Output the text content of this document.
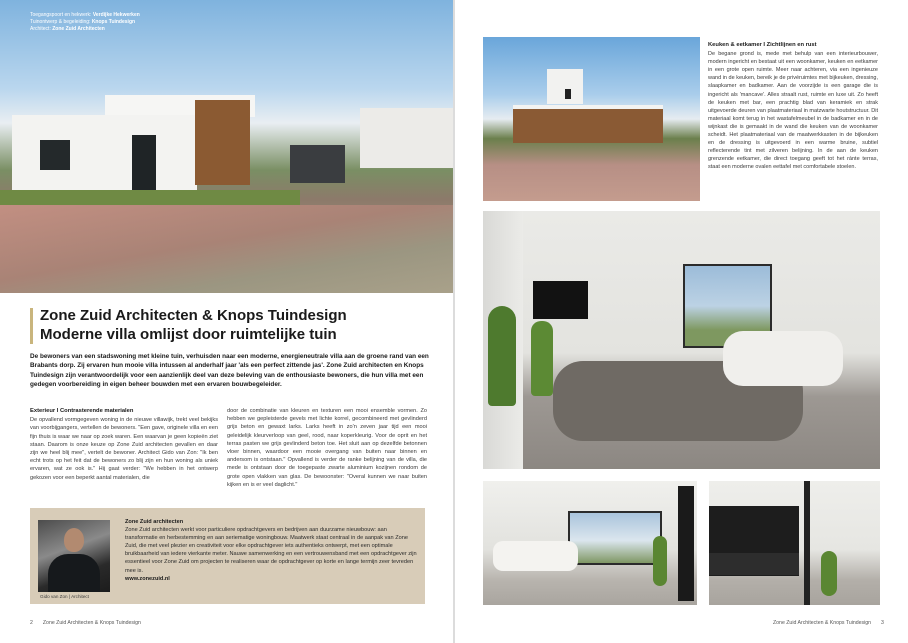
Toegangspoort en hekwerk: Verdijke Hekwerken
Tuinontwerp & begeleiding: Knops Tuindesign
Architect: Zone Zuid Architecten
Zone Zuid Architecten & Knops Tuindesign
Moderne villa omlijst door ruimtelijke tuin
De bewoners van een stadswoning met kleine tuin, verhuisden naar een moderne, energieneutrale villa aan de groene rand van een Brabants dorp. Zij ervaren hun mooie villa intussen al anderhalf jaar 'als een perfect zittende jas'. Zone Zuid architecten en Knops Tuindesign zijn verantwoordelijk voor een aanzienlijk deel van deze beleving van de enthousiaste bewoners, die hun villa met een gedegen voorbereiding in eigen beheer bouwden met een ervaren bouwbegeleider.
Exterieur I Contrasterende materialen

De opvallend vormgegeven woning in de nieuwe villawijk, trekt veel bekijks van voorbijgangers, vertellen de bewoners. "Een gave, originele villa en een fijn thuis is waar we naar op zoek waren. Een waarvan je geen kopieën ziet staan. Daarom is onze keuze op Zone Zuid architecten gevallen en daar zijn we heel blij mee", vertelt de bewoner. Architect Gido van Zon: "Ik ben echt trots op het feit dat de bewoners zo blij zijn en hun woning als uniek ervaren, wat ze ook is." Hij gaat verder: "We hebben in het ontwerp gekozen voor een beperkt aantal materialen, die

door de combinatie van kleuren en texturen een mooi ensemble vormen. Zo hebben we gepleisterde gevels met lichte korrel, gecombineerd met gevlinderd grijs beton en gewaxt larks. Larks heeft in zo'n zeven jaar tijd een mooi geleidelijk kleurverloop van geel, rood, naar koperkleurig. Voor de oprit en het terras pasten we grijs gevlinderd beton toe. Het sluit aan op dezelfde betonnen vloer binnen, waardoor een mooie overgang van buiten naar binnen en andersom is ontstaan." Opvallend is verder de ranke belijning van de villa, die mede is ontstaan door de toegepaste zwarte aluminium kozijnen rondom de grote open vlakken van glas. De bewoonster: "Overal kunnen we naar buiten kijken en is er veel daglicht."

Gido van Zon | Architect
Zone Zuid architecten
Zone Zuid architecten werkt voor particuliere opdrachtgevers en bedrijven aan duurzame nieuwbouw: aan transformatie en herbestemming en aan seriematige woningbouw. Maatwerk staat centraal in de aanpak van Zone Zuid, die met veel plezier en creativiteit voor elke opdrachtgever iets authentieks ontwerpt, met een optimale bruikbaarheid van iedere vierkante meter. Nauwe samenwerking en een vertrouwensband met een opdrachtgever zijn essentieel voor Zone Zuid om projecten te realiseren waar de opdrachtgever op korte en lange termijn zeer tevreden mee is.
www.zonezuid.nl
2 Zone Zuid Architecten & Knops Tuindesign
Keuken & eetkamer I Zichtlijnen en rust

De begane grond is, mede met behulp van een interieurbouwer, modern ingericht en bestaat uit een woonkamer, keuken en eetkamer in een grote open ruimte. Meer naar achteren, via een ingenieuze wand in de keuken, bereik je de privéruimtes met bijkeuken, dressing, slaapkamer en badkamer. Aan de voorzijde is een garage die is ingericht als 'mancave'. Alles straalt rust, ruimte en luxe uit. Zo heeft de keuken met bar, een prachtig blad van keramiek en strak uitgevoerde deuren van plaatmateriaal in matzwarte houtstructuur. Dit materiaal komt terug in het wastafelmeubel in de badkamer en in de wijnkast die is gemaakt in de wand die keuken van de woonkamer scheidt. Het plaatmateriaal van de maatwerkkasten in de bijkeuken en de dressing is uitgevoerd in een warme bruine, subtiel reflecterende tint met zilveren belijning. In de aan de keuken grenzende eetkamer, die direct toegang geeft tot het ránte terras, staat een moderne ovalen eettafel met comfortabele stoelen.

Zone Zuid Architecten & Knops Tuindesign 3
